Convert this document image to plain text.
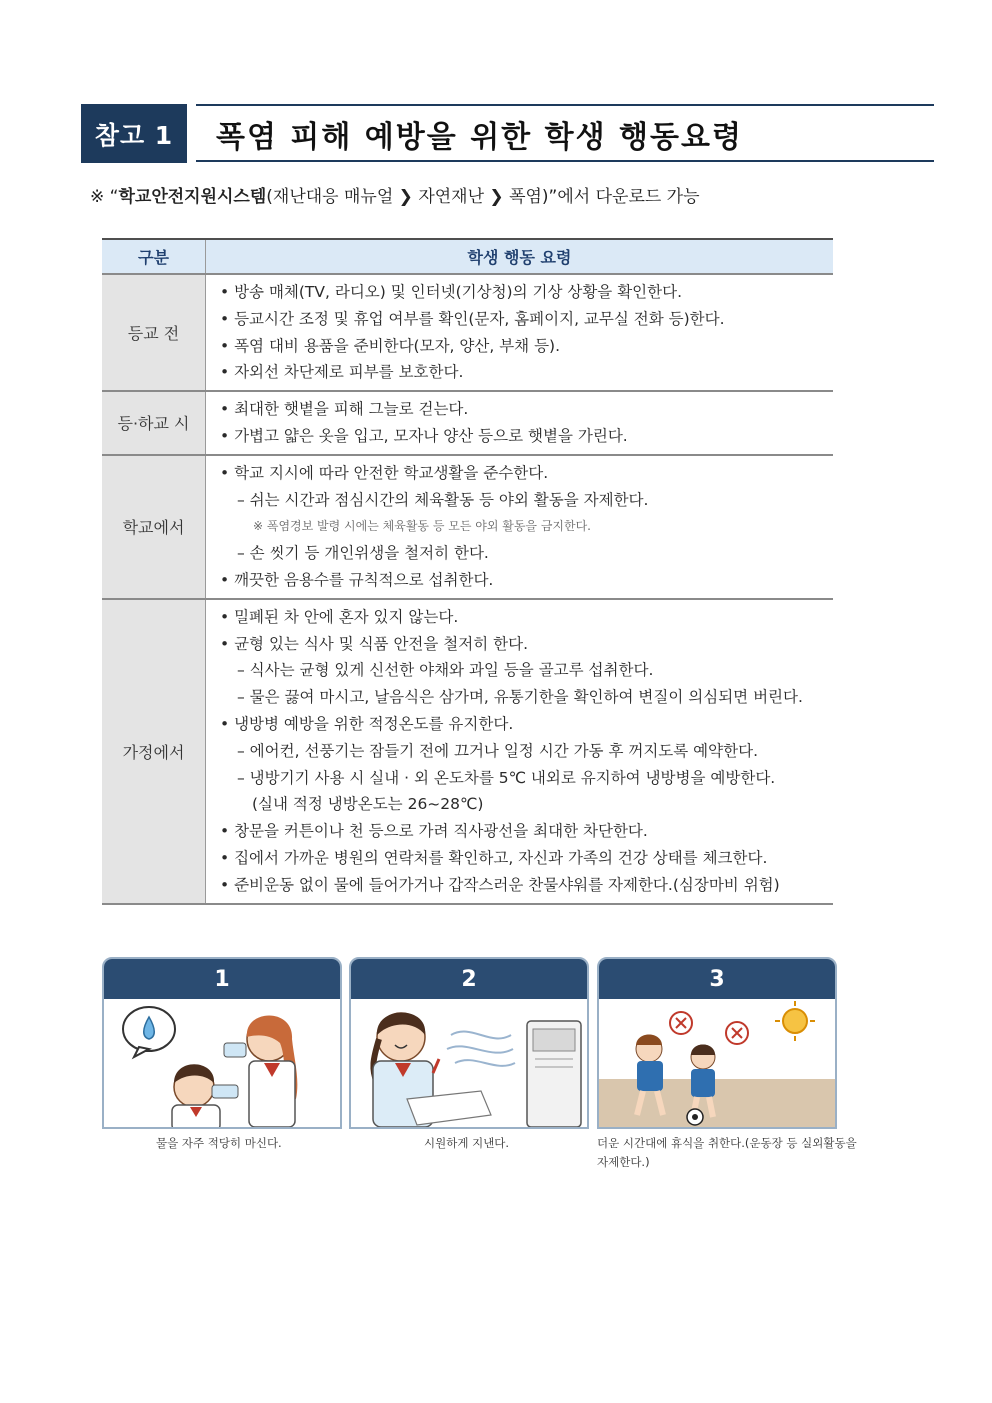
참고 1	폭염 피해 예방을 위한 학생 행동요령
※ “학교안전지원시스템(재난대응 매뉴얼 ❯ 자연재난 ❯ 폭염)”에서 다운로드 가능
구분	학생 행동 요령
등교 전
• 방송 매체(TV, 라디오) 및 인터넷(기상청)의 기상 상황을 확인한다.
• 등교시간 조정 및 휴업 여부를 확인(문자, 홈페이지, 교무실 전화 등)한다.
• 폭염 대비 용품을 준비한다(모자, 양산, 부채 등).
• 자외선 차단제로 피부를 보호한다.
등·하교 시
• 최대한 햇볕을 피해 그늘로 걷는다.
• 가볍고 얇은 옷을 입고, 모자나 양산 등으로 햇볕을 가린다.
학교에서
• 학교 지시에 따라 안전한 학교생활을 준수한다.
– 쉬는 시간과 점심시간의 체육활동 등 야외 활동을 자제한다.
※ 폭염경보 발령 시에는 체육활동 등 모든 야외 활동을 금지한다.
– 손 씻기 등 개인위생을 철저히 한다.
• 깨끗한 음용수를 규칙적으로 섭취한다.
가정에서
• 밀폐된 차 안에 혼자 있지 않는다.
• 균형 있는 식사 및 식품 안전을 철저히 한다.
– 식사는 균형 있게 신선한 야채와 과일 등을 골고루 섭취한다.
– 물은 끓여 마시고, 날음식은 삼가며, 유통기한을 확인하여 변질이 의심되면 버린다.
• 냉방병 예방을 위한 적정온도를 유지한다.
– 에어컨, 선풍기는 잠들기 전에 끄거나 일정 시간 가동 후 꺼지도록 예약한다.
– 냉방기기 사용 시 실내 · 외 온도차를 5℃ 내외로 유지하여 냉방병을 예방한다.
(실내 적정 냉방온도는 26~28℃)
• 창문을 커튼이나 천 등으로 가려 직사광선을 최대한 차단한다.
• 집에서 가까운 병원의 연락처를 확인하고, 자신과 가족의 건강 상태를 체크한다.
• 준비운동 없이 물에 들어가거나 갑작스러운 찬물샤워를 자제한다.(심장마비 위험)
1	2	3
물을 자주 적당히 마신다.	시원하게 지낸다.	더운 시간대에 휴식을 취한다.(운동장 등 실외활동을
자제한다.)
